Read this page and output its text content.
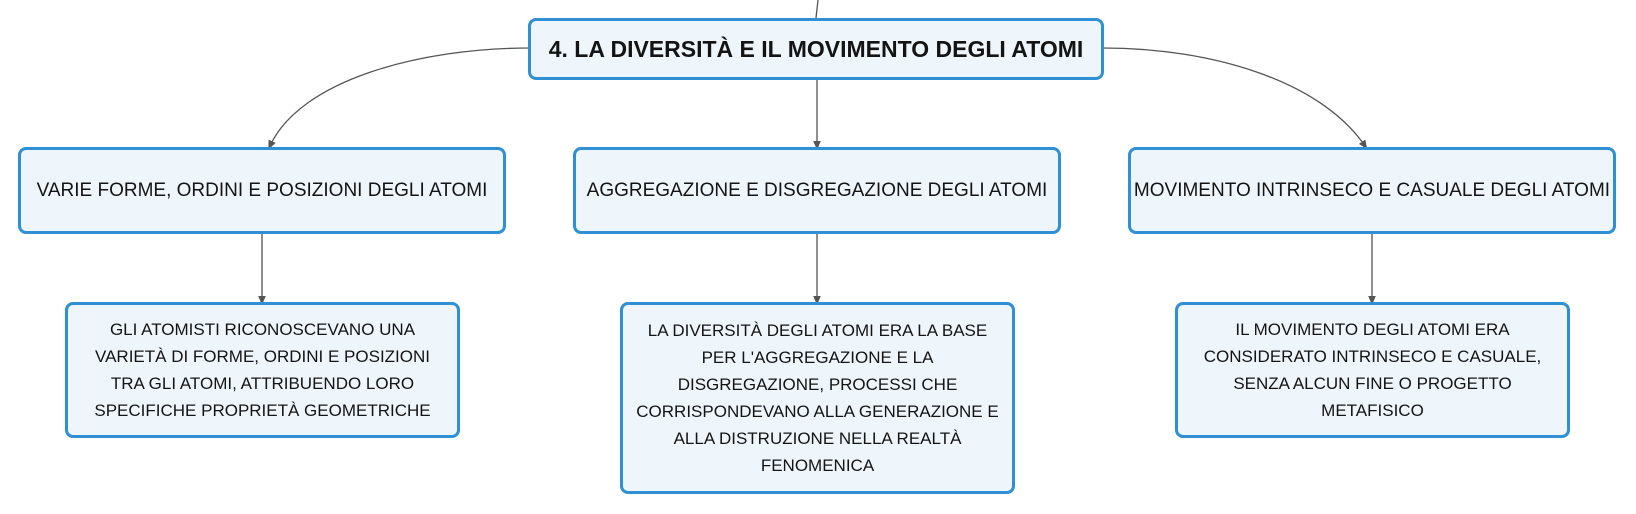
4. LA DIVERSITÀ E IL MOVIMENTO DEGLI ATOMI
VARIE FORME, ORDINI E POSIZIONI DEGLI ATOMI	AGGREGAZIONE E DISGREGAZIONE DEGLI ATOMI	MOVIMENTO INTRINSECO E CASUALE DEGLI ATOMI
GLI ATOMISTI RICONOSCEVANO UNA VARIETÀ DI FORME, ORDINI E POSIZIONI TRA GLI ATOMI, ATTRIBUENDO LORO SPECIFICHE PROPRIETÀ GEOMETRICHE
LA DIVERSITÀ DEGLI ATOMI ERA LA BASE PER L'AGGREGAZIONE E LA DISGREGAZIONE, PROCESSI CHE CORRISPONDEVANO ALLA GENERAZIONE E ALLA DISTRUZIONE NELLA REALTÀ FENOMENICA
IL MOVIMENTO DEGLI ATOMI ERA CONSIDERATO INTRINSECO E CASUALE, SENZA ALCUN FINE O PROGETTO METAFISICO
